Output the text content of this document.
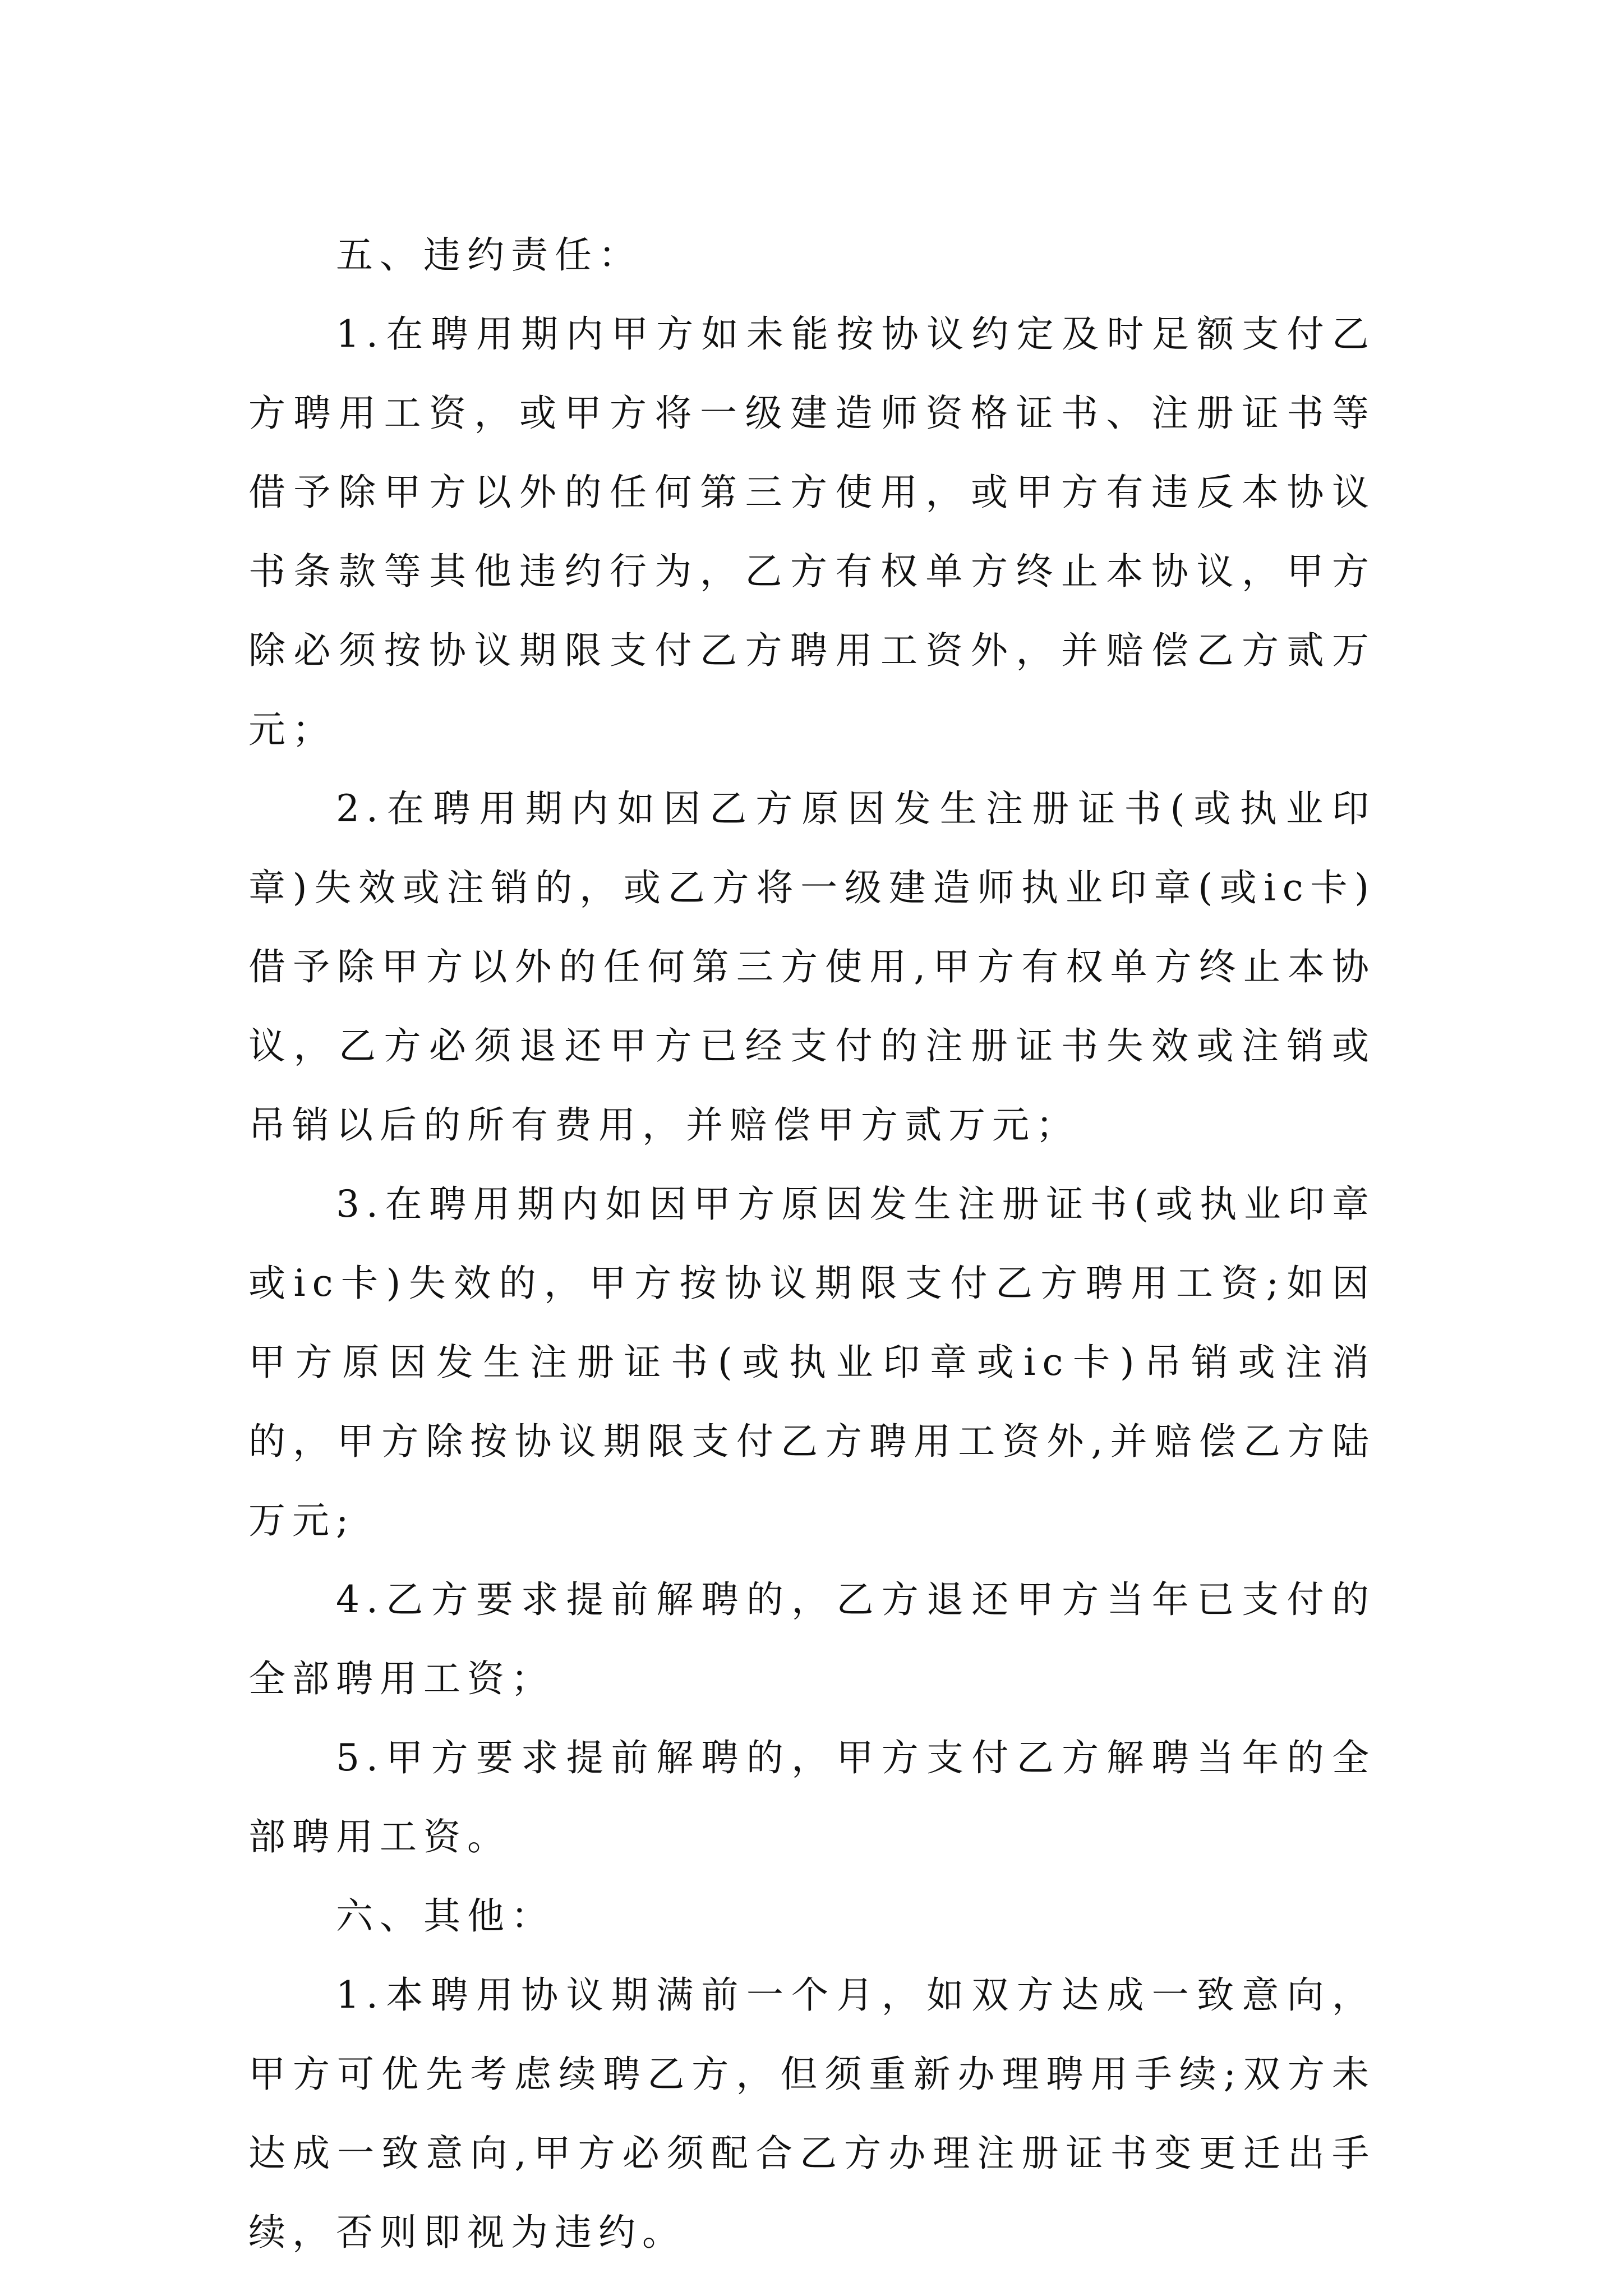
五、违约责任：

1.在聘用期内甲方如未能按协议约定及时足额支付乙方聘用工资，或甲方将一级建造师资格证书、注册证书等借予除甲方以外的任何第三方使用，或甲方有违反本协议书条款等其他违约行为，乙方有权单方终止本协议，甲方除必须按协议期限支付乙方聘用工资外，并赔偿乙方贰万元；

2.在聘用期内如因乙方原因发生注册证书(或执业印章)失效或注销的，或乙方将一级建造师执业印章(或ic卡)借予除甲方以外的任何第三方使用,甲方有权单方终止本协议，乙方必须退还甲方已经支付的注册证书失效或注销或吊销以后的所有费用，并赔偿甲方贰万元；

3.在聘用期内如因甲方原因发生注册证书(或执业印章或ic卡)失效的，甲方按协议期限支付乙方聘用工资;如因甲方原因发生注册证书(或执业印章或ic卡)吊销或注消的，甲方除按协议期限支付乙方聘用工资外,并赔偿乙方陆万元;

4.乙方要求提前解聘的，乙方退还甲方当年已支付的全部聘用工资；

5.甲方要求提前解聘的，甲方支付乙方解聘当年的全部聘用工资。

六、其他：

1.本聘用协议期满前一个月，如双方达成一致意向，甲方可优先考虑续聘乙方，但须重新办理聘用手续;双方未达成一致意向,甲方必须配合乙方办理注册证书变更迁出手续，否则即视为违约。
